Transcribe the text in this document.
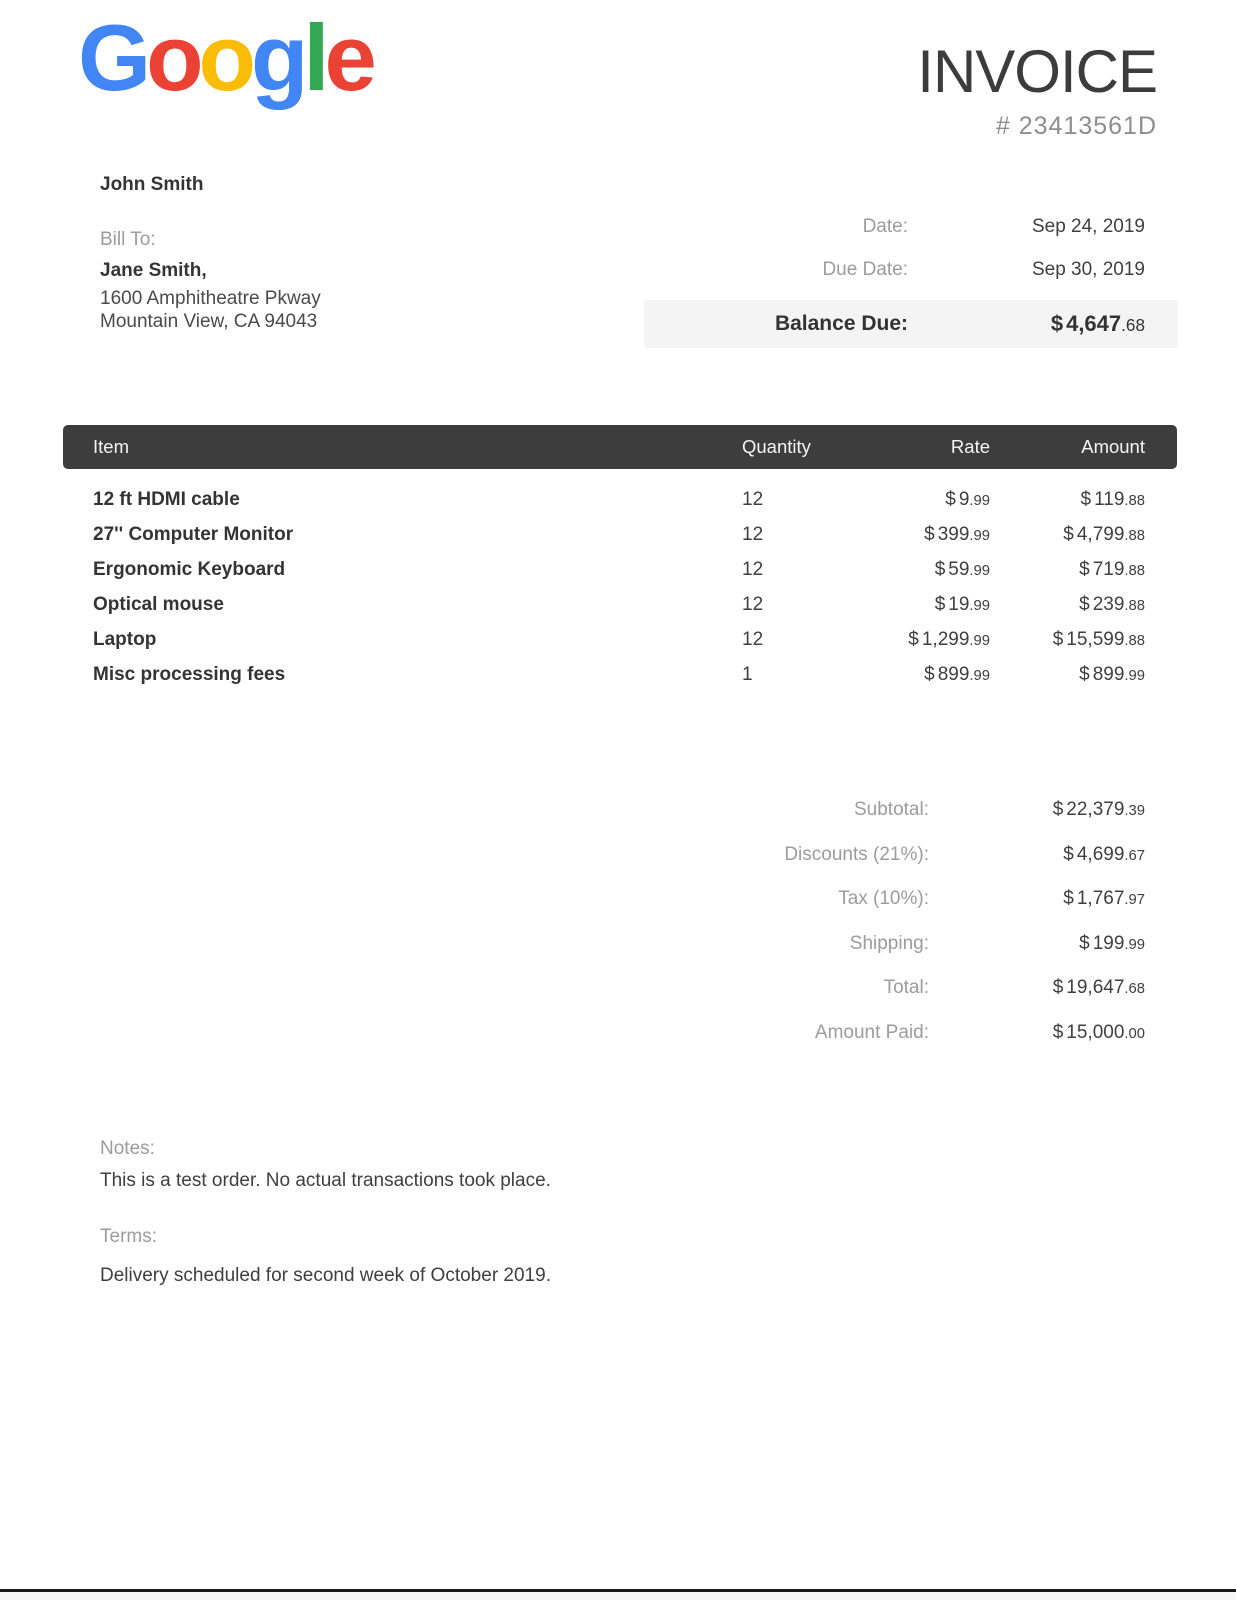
Google	INVOICE
# 23413561D
John Smith
Bill To:
Jane Smith,
1600 Amphitheatre Pkway
Mountain View, CA 94043
Date:	Sep 24, 2019
Due Date:	Sep 30, 2019
Balance Due:	$ 4,647.68
Item	Quantity	Rate	Amount
12 ft HDMI cable	12	$ 9.99	$ 119.88
27'' Computer Monitor	12	$ 399.99	$ 4,799.88
Ergonomic Keyboard	12	$ 59.99	$ 719.88
Optical mouse	12	$ 19.99	$ 239.88
Laptop	12	$ 1,299.99	$ 15,599.88
Misc processing fees	1	$ 899.99	$ 899.99
Subtotal:	$ 22,379.39
Discounts (21%):	$ 4,699.67
Tax (10%):	$ 1,767.97
Shipping:	$ 199.99
Total:	$ 19,647.68
Amount Paid:	$ 15,000.00
Notes:
This is a test order. No actual transactions took place.
Terms:
Delivery scheduled for second week of October 2019.
